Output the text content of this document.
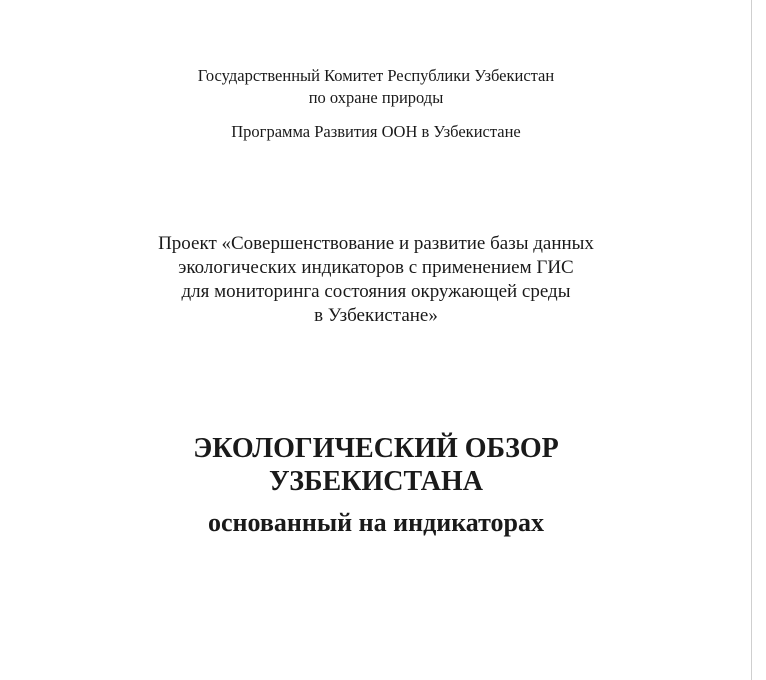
Государственный Комитет Республики Узбекистан
по охране природы
Программа Развития ООН в Узбекистане
Проект «Совершенствование и развитие базы данных
экологических индикаторов с применением ГИС
для мониторинга состояния окружающей среды
в Узбекистане»
ЭКОЛОГИЧЕСКИЙ ОБЗОР
УЗБЕКИСТАНА
основанный на индикаторах
